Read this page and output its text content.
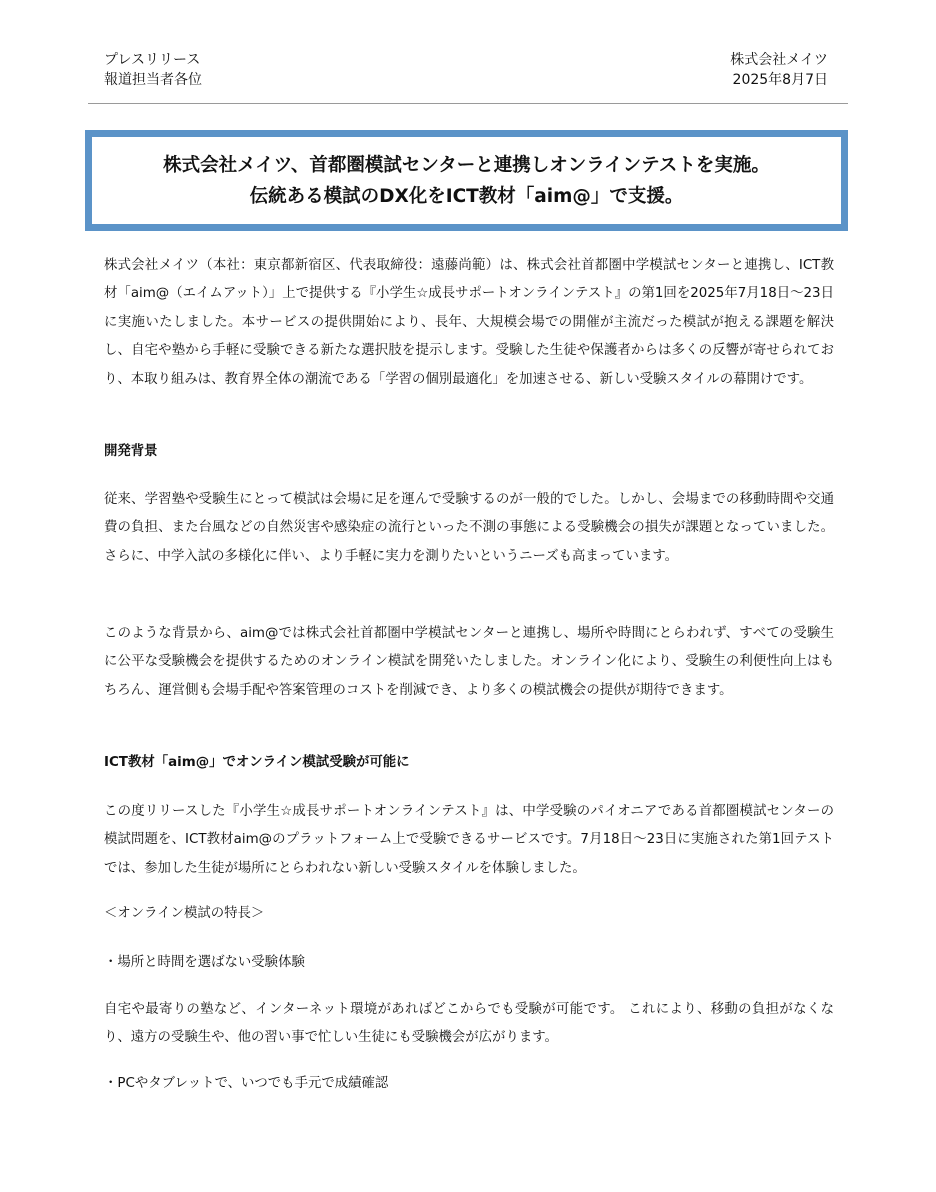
プレスリリース
報道担当者各位
株式会社メイツ
2025年8月7日
株式会社メイツ、首都圏模試センターと連携しオンラインテストを実施。
伝統ある模試のDX化をICT教材「aim@」で支援。

株式会社メイツ（本社：東京都新宿区、代表取締役：遠藤尚範）は、株式会社首都圏中学模試センターと連携し、ICT教材「aim@（エイムアット）」上で提供する『小学生☆成長サポートオンラインテスト』の第1回を2025年7月18日～23日に実施いたしました。本サービスの提供開始により、長年、大規模会場での開催が主流だった模試が抱える課題を解決し、自宅や塾から手軽に受験できる新たな選択肢を提示します。受験した生徒や保護者からは多くの反響が寄せられており、本取り組みは、教育界全体の潮流である「学習の個別最適化」を加速させる、新しい受験スタイルの幕開けです。

開発背景

従来、学習塾や受験生にとって模試は会場に足を運んで受験するのが一般的でした。しかし、会場までの移動時間や交通費の負担、また台風などの自然災害や感染症の流行といった不測の事態による受験機会の損失が課題となっていました。さらに、中学入試の多様化に伴い、より手軽に実力を測りたいというニーズも高まっています。

このような背景から、aim@では株式会社首都圏中学模試センターと連携し、場所や時間にとらわれず、すべての受験生に公平な受験機会を提供するためのオンライン模試を開発いたしました。オンライン化により、受験生の利便性向上はもちろん、運営側も会場手配や答案管理のコストを削減でき、より多くの模試機会の提供が期待できます。

ICT教材「aim@」でオンライン模試受験が可能に

この度リリースした『小学生☆成長サポートオンラインテスト』は、中学受験のパイオニアである首都圏模試センターの模試問題を、ICT教材aim@のプラットフォーム上で受験できるサービスです。7月18日～23日に実施された第1回テストでは、参加した生徒が場所にとらわれない新しい受験スタイルを体験しました。

＜オンライン模試の特長＞
・場所と時間を選ばない受験体験

自宅や最寄りの塾など、インターネット環境があればどこからでも受験が可能です。 これにより、移動の負担がなくなり、遠方の受験生や、他の習い事で忙しい生徒にも受験機会が広がります。

・PCやタブレットで、いつでも手元で成績確認
